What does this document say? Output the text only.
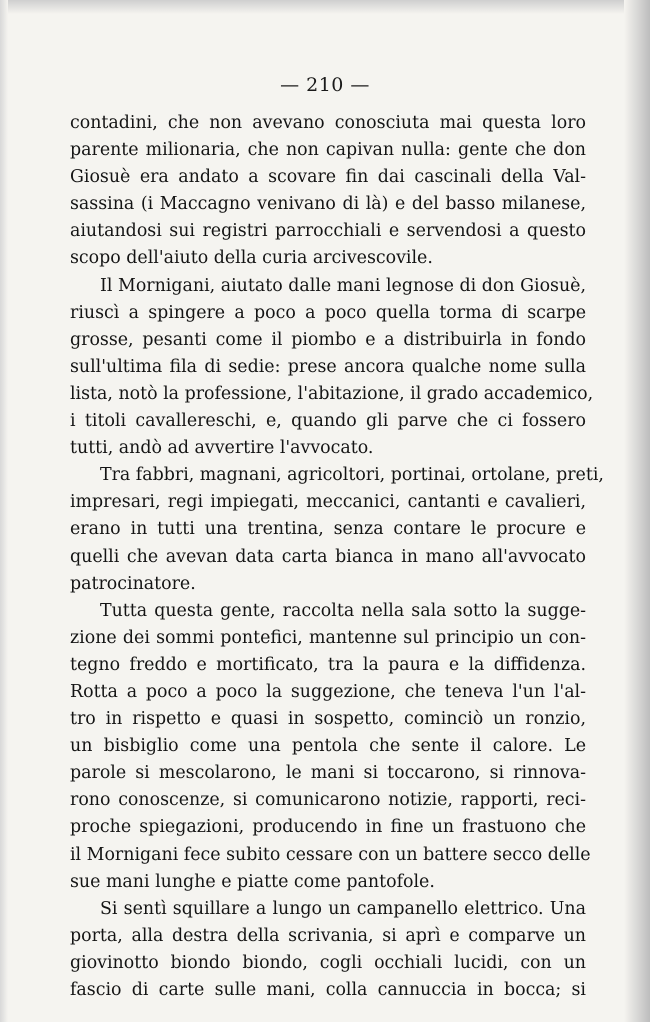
— 210 —
contadini, che non avevano conosciuta mai questa loro
parente milionaria, che non capivan nulla: gente che don
Giosuè era andato a scovare fin dai cascinali della Val-
sassina (i Maccagno venivano di là) e del basso milanese,
aiutandosi sui registri parrocchiali e servendosi a questo
scopo dell'aiuto della curia arcivescovile.
Il Mornigani, aiutato dalle mani legnose di don Giosuè,
riuscì a spingere a poco a poco quella torma di scarpe
grosse, pesanti come il piombo e a distribuirla in fondo
sull'ultima fila di sedie: prese ancora qualche nome sulla
lista, notò la professione, l'abitazione, il grado accademico,
i titoli cavallereschi, e, quando gli parve che ci fossero
tutti, andò ad avvertire l'avvocato.
Tra fabbri, magnani, agricoltori, portinai, ortolane, preti,
impresari, regi impiegati, meccanici, cantanti e cavalieri,
erano in tutti una trentina, senza contare le procure e
quelli che avevan data carta bianca in mano all'avvocato
patrocinatore.
Tutta questa gente, raccolta nella sala sotto la sugge-
zione dei sommi pontefici, mantenne sul principio un con-
tegno freddo e mortificato, tra la paura e la diffidenza.
Rotta a poco a poco la suggezione, che teneva l'un l'al-
tro in rispetto e quasi in sospetto, cominciò un ronzio,
un bisbiglio come una pentola che sente il calore. Le
parole si mescolarono, le mani si toccarono, si rinnova-
rono conoscenze, si comunicarono notizie, rapporti, reci-
proche spiegazioni, producendo in fine un frastuono che
il Mornigani fece subito cessare con un battere secco delle
sue mani lunghe e piatte come pantofole.
Si sentì squillare a lungo un campanello elettrico. Una
porta, alla destra della scrivania, si aprì e comparve un
giovinotto biondo biondo, cogli occhiali lucidi, con un
fascio di carte sulle mani, colla cannuccia in bocca; si
